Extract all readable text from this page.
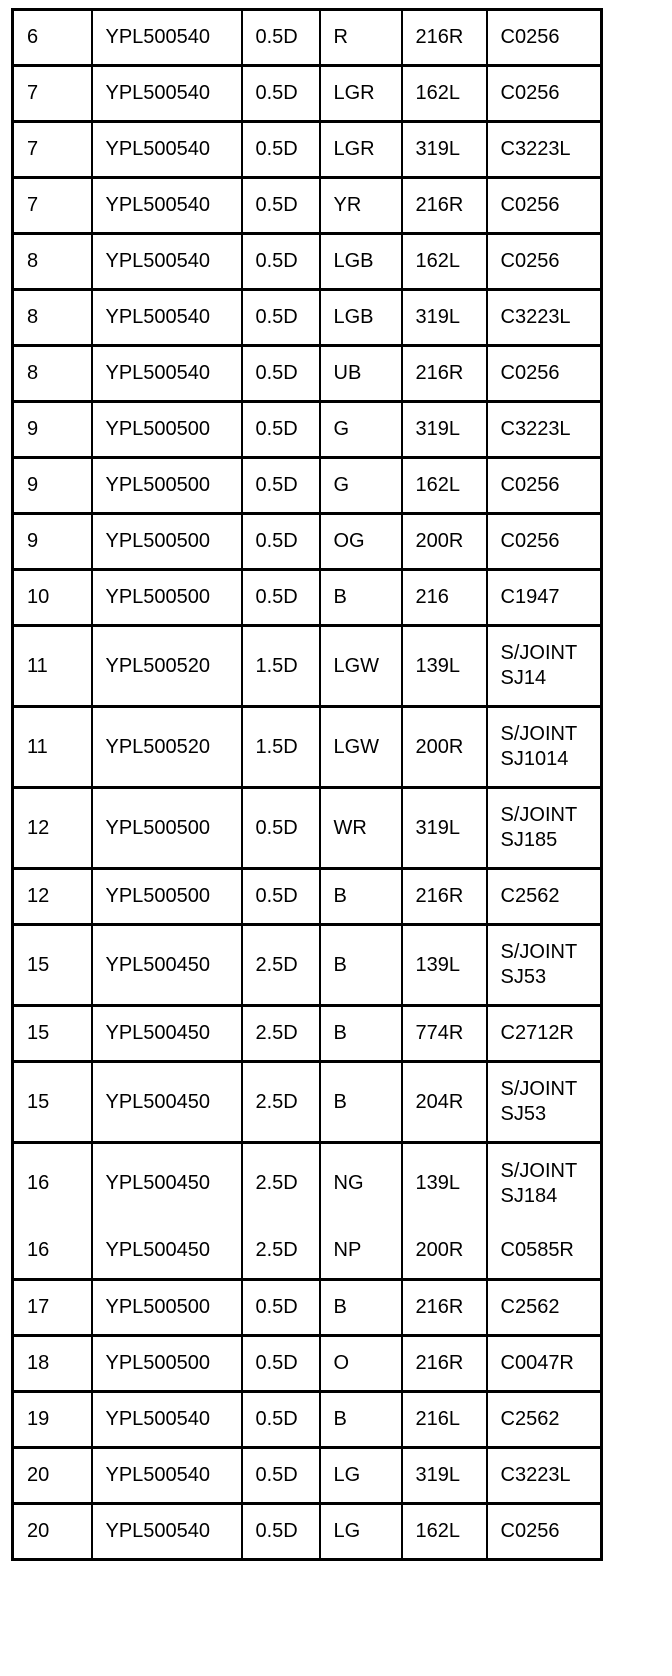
6	YPL500540	0.5D	R	216R	C0256

7	YPL500540	0.5D	LGR	162L	C0256

7	YPL500540	0.5D	LGR	319L	C3223L

7	YPL500540	0.5D	YR	216R	C0256

8	YPL500540	0.5D	LGB	162L	C0256

8	YPL500540	0.5D	LGB	319L	C3223L

8	YPL500540	0.5D	UB	216R	C0256

9	YPL500500	0.5D	G	319L	C3223L

9	YPL500500	0.5D	G	162L	C0256

9	YPL500500	0.5D	OG	200R	C0256

10	YPL500500	0.5D	B	216	C1947

11	YPL500520	1.5D	LGW	139L	S/JOINT
SJ14

11	YPL500520	1.5D	LGW	200R	S/JOINT
SJ1014

12	YPL500500	0.5D	WR	319L	S/JOINT
SJ185

12	YPL500500	0.5D	B	216R	C2562

15	YPL500450	2.5D	B	139L	S/JOINT
SJ53

15	YPL500450	2.5D	B	774R	C2712R

15	YPL500450	2.5D	B	204R	S/JOINT
SJ53

16	YPL500450	2.5D	NG	139L	S/JOINT
SJ184

16	YPL500450	2.5D	NP	200R	C0585R

17	YPL500500	0.5D	B	216R	C2562

18	YPL500500	0.5D	O	216R	C0047R

19	YPL500540	0.5D	B	216L	C2562

20	YPL500540	0.5D	LG	319L	C3223L

20	YPL500540	0.5D	LG	162L	C0256
